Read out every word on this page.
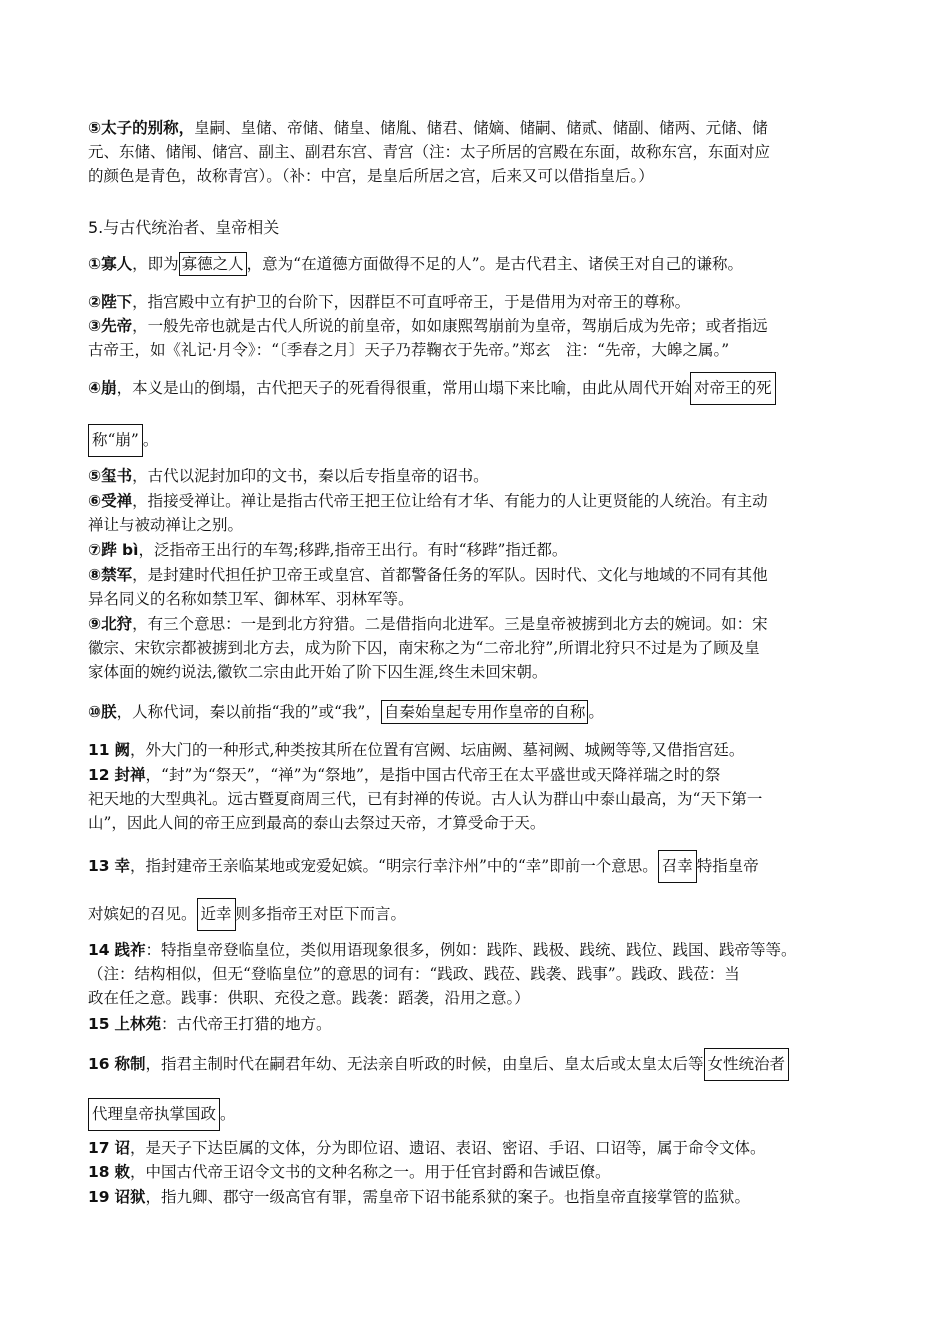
⑤太子的别称，皇嗣、皇储、帝储、储皇、储胤、储君、储嫡、储嗣、储贰、储副、储两、元储、储
元、东储、储闱、储宫、副主、副君东宫、青宫（注：太子所居的宫殿在东面，故称东宫，东面对应
的颜色是青色，故称青宫）。（补：中宫，是皇后所居之宫，后来又可以借指皇后。）
5.与古代统治者、皇帝相关
①寡人，即为 寡德之人 ，意为“在道德方面做得不足的人”。是古代君主、诸侯王对自己的谦称。
②陛下，指宫殿中立有护卫的台阶下，因群臣不可直呼帝王，于是借用为对帝王的尊称。
③先帝，一般先帝也就是古代人所说的前皇帝，如如康熙驾崩前为皇帝，驾崩后成为先帝；或者指远
古帝王，如《礼记·月令》：“〔季春之月〕天子乃荐鞠衣于先帝。”郑玄　注：“先帝，大皞之属。”
④崩，本义是山的倒塌，古代把天子的死看得很重，常用山塌下来比喻，由此从周代开始 对帝王的死
称“崩” 。
⑤玺书，古代以泥封加印的文书，秦以后专指皇帝的诏书。
⑥受禅，指接受禅让。禅让是指古代帝王把王位让给有才华、有能力的人让更贤能的人统治。有主动
禅让与被动禅让之别。
⑦跸 bì，泛指帝王出行的车驾;移跸,指帝王出行。有时“移跸”指迁都。
⑧禁军，是封建时代担任护卫帝王或皇宫、首都警备任务的军队。因时代、文化与地域的不同有其他
异名同义的名称如禁卫军、御林军、羽林军等。
⑨北狩，有三个意思：一是到北方狩猎。二是借指向北进军。三是皇帝被掳到北方去的婉词。如：宋
徽宗、宋钦宗都被掳到北方去，成为阶下囚，南宋称之为“二帝北狩”,所谓北狩只不过是为了顾及皇
家体面的婉约说法,徽钦二宗由此开始了阶下囚生涯,终生未回宋朝。
⑩朕，人称代词，秦以前指“我的”或“我”， 自秦始皇起专用作皇帝的自称 。
11 阙，外大门的一种形式,种类按其所在位置有宫阙、坛庙阙、墓祠阙、城阙等等,又借指宫廷。
12 封禅，“封”为“祭天”，“禅”为“祭地”，是指中国古代帝王在太平盛世或天降祥瑞之时的祭
祀天地的大型典礼。远古暨夏商周三代，已有封禅的传说。古人认为群山中泰山最高，为“天下第一
山”，因此人间的帝王应到最高的泰山去祭过天帝，才算受命于天。
13 幸，指封建帝王亲临某地或宠爱妃嫔。“明宗行幸汴州”中的“幸”即前一个意思。 召幸 特指皇帝
对嫔妃的召见。 近幸 则多指帝王对臣下而言。
14 践祚：特指皇帝登临皇位，类似用语现象很多，例如：践阼、践极、践统、践位、践国、践帝等等。
（注：结构相似，但无“登临皇位”的意思的词有：“践政、践莅、践袭、践事”。践政、践莅：当
政在任之意。践事：供职、充役之意。践袭：蹈袭，沿用之意。）
15 上林苑：古代帝王打猎的地方。
16 称制，指君主制时代在嗣君年幼、无法亲自听政的时候，由皇后、皇太后或太皇太后等 女性统治者
代理皇帝执掌国政 。
17 诏，是天子下达臣属的文体，分为即位诏、遗诏、表诏、密诏、手诏、口诏等，属于命令文体。
18 敕，中国古代帝王诏令文书的文种名称之一。用于任官封爵和告诫臣僚。
19 诏狱，指九卿、郡守一级高官有罪，需皇帝下诏书能系狱的案子。也指皇帝直接掌管的监狱。
